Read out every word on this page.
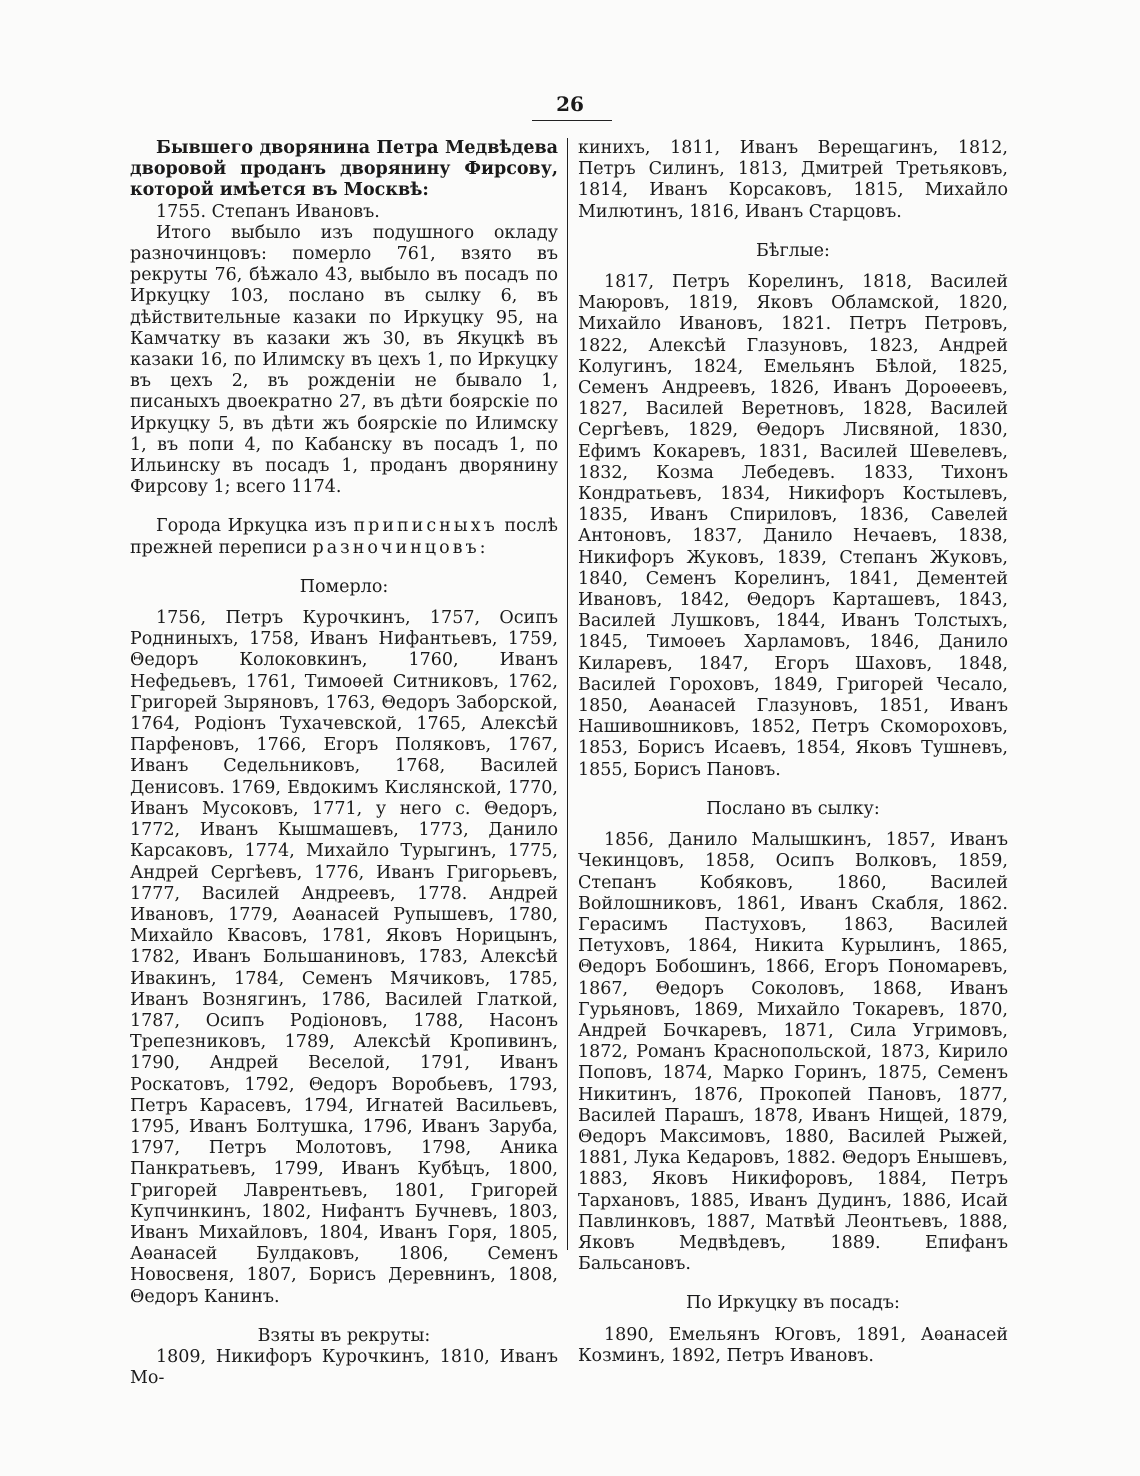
26

Бывшего дворянина Петра Медвѣдева дворовой проданъ дворянину Фирсову, которой имѣется въ Москвѣ:

1755. Степанъ Ивановъ.

Итого выбыло изъ подушного окладу разночинцовъ: померло 761, взято въ рекруты 76, бѣжало 43, выбыло въ посадъ по Иркуцку 103, послано въ сылку 6, въ дѣйствительные казаки по Иркуцку 95, на Камчатку въ казаки жъ 30, въ Якуцкѣ въ казаки 16, по Илимску въ цехъ 1, по Иркуцку въ цехъ 2, въ рожденіи не бывало 1, писаныхъ двоекратно 27, въ дѣти боярскіе по Иркуцку 5, въ дѣти жъ боярскіе по Илимску 1, въ попи 4, по Кабанску въ посадъ 1, по Ильинску въ посадъ 1, проданъ дворянину Фирсову 1; всего 1174.

Города Иркуцка изъ приписныхъ послѣ прежней переписи разночинцовъ:

Померло:

1756, Петръ Курочкинъ, 1757, Осипъ Родниныхъ, 1758, Иванъ Нифантьевъ, 1759, Θедоръ Колоковкинъ, 1760, Иванъ Нефедьевъ, 1761, Тимоѳей Ситниковъ, 1762, Григорей Зыряновъ, 1763, Θедоръ Заборской, 1764, Родіонъ Тухачевской, 1765, Алексѣй Парфеновъ, 1766, Егоръ Поляковъ, 1767, Иванъ Седельниковъ, 1768, Василей Денисовъ. 1769, Евдокимъ Кислянской, 1770, Иванъ Мусоковъ, 1771, у него с. Θедоръ, 1772, Иванъ Кышмашевъ, 1773, Данило Карсаковъ, 1774, Михайло Турыгинъ, 1775, Андрей Сергѣевъ, 1776, Иванъ Григорьевъ, 1777, Василей Андреевъ, 1778. Андрей Ивановъ, 1779, Аѳанасей Рупышевъ, 1780, Михайло Квасовъ, 1781, Яковъ Норицынъ, 1782, Иванъ Большаниновъ, 1783, Алексѣй Ивакинъ, 1784, Семенъ Мячиковъ, 1785, Иванъ Вознягинъ, 1786, Василей Глаткой, 1787, Осипъ Родіоновъ, 1788, Насонъ Трепезниковъ, 1789, Алексѣй Кропивинъ, 1790, Андрей Веселой, 1791, Иванъ Роскатовъ, 1792, Θедоръ Воробьевъ, 1793, Петръ Карасевъ, 1794, Игнатей Васильевъ, 1795, Иванъ Болтушка, 1796, Иванъ Заруба, 1797, Петръ Молотовъ, 1798, Аника Панкратьевъ, 1799, Иванъ Кубѣцъ, 1800, Григорей Лаврентьевъ, 1801, Григорей Купчинкинъ, 1802, Нифантъ Бучневъ, 1803, Иванъ Михайловъ, 1804, Иванъ Горя, 1805, Аѳанасей Булдаковъ, 1806, Семенъ Новосвеня, 1807, Борисъ Деревнинъ, 1808, Θедоръ Канинъ.

Взяты въ рекруты:

1809, Никифоръ Курочкинъ, 1810, Иванъ Мо-

кинихъ, 1811, Иванъ Верещагинъ, 1812, Петръ Силинъ, 1813, Дмитрей Третьяковъ, 1814, Иванъ Корсаковъ, 1815, Михайло Милютинъ, 1816, Иванъ Старцовъ.

Бѣглые:

1817, Петръ Корелинъ, 1818, Василей Маюровъ, 1819, Яковъ Обламской, 1820, Михайло Ивановъ, 1821. Петръ Петровъ, 1822, Алексѣй Глазуновъ, 1823, Андрей Колугинъ, 1824, Емельянъ Бѣлой, 1825, Семенъ Андреевъ, 1826, Иванъ Дороѳеевъ, 1827, Василей Веретновъ, 1828, Василей Сергѣевъ, 1829, Θедоръ Лисвяной, 1830, Ефимъ Кокаревъ, 1831, Василей Шевелевъ, 1832, Козма Лебедевъ. 1833, Тихонъ Кондратьевъ, 1834, Никифоръ Костылевъ, 1835, Иванъ Спириловъ, 1836, Савелей Антоновъ, 1837, Данило Нечаевъ, 1838, Никифоръ Жуковъ, 1839, Степанъ Жуковъ, 1840, Семенъ Корелинъ, 1841, Дементей Ивановъ, 1842, Θедоръ Карташевъ, 1843, Василей Лушковъ, 1844, Иванъ Толстыхъ, 1845, Тимоѳеъ Харламовъ, 1846, Данило Киларевъ, 1847, Егоръ Шаховъ, 1848, Василей Гороховъ, 1849, Григорей Чесало, 1850, Аѳанасей Глазуновъ, 1851, Иванъ Нашивошниковъ, 1852, Петръ Скомороховъ, 1853, Борисъ Исаевъ, 1854, Яковъ Тушневъ, 1855, Борисъ Пановъ.

Послано въ сылку:

1856, Данило Малышкинъ, 1857, Иванъ Чекинцовъ, 1858, Осипъ Волковъ, 1859, Степанъ Кобяковъ, 1860, Василей Войлошниковъ, 1861, Иванъ Скабля, 1862. Герасимъ Пастуховъ, 1863, Василей Петуховъ, 1864, Никита Курылинъ, 1865, Θедоръ Бобошинъ, 1866, Егоръ Пономаревъ, 1867, Θедоръ Соколовъ, 1868, Иванъ Гурьяновъ, 1869, Михайло Токаревъ, 1870, Андрей Бочкаревъ, 1871, Сила Угримовъ, 1872, Романъ Краснопольской, 1873, Кирило Поповъ, 1874, Марко Горинъ, 1875, Семенъ Никитинъ, 1876, Прокопей Пановъ, 1877, Василей Парашъ, 1878, Иванъ Нищей, 1879, Θедоръ Максимовъ, 1880, Василей Рыжей, 1881, Лука Кедаровъ, 1882. Θедоръ Енышевъ, 1883, Яковъ Никифоровъ, 1884, Петръ Тархановъ, 1885, Иванъ Дудинъ, 1886, Исай Павлинковъ, 1887, Матвѣй Леонтьевъ, 1888, Яковъ Медвѣдевъ, 1889. Епифанъ Бальсановъ.

По Иркуцку въ посадъ:

1890, Емельянъ Юговъ, 1891, Аѳанасей Козминъ, 1892, Петръ Ивановъ.
